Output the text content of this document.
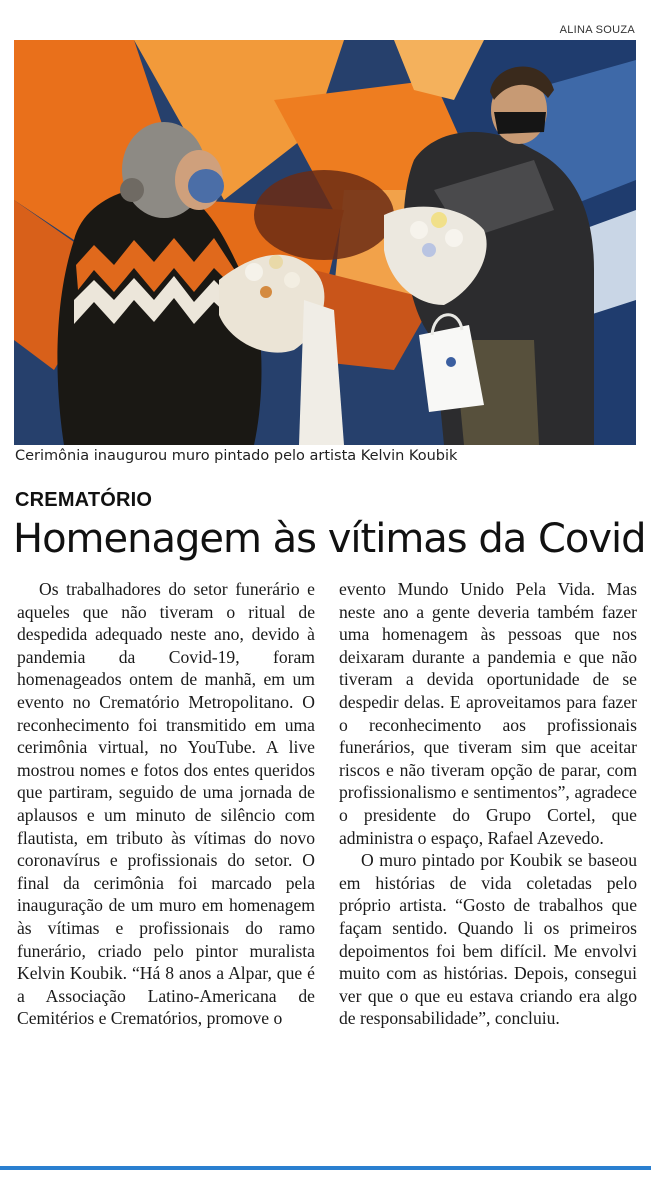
ALINA SOUZA
Cerimônia inaugurou muro pintado pelo artista Kelvin Koubik
CREMATÓRIO
Homenagem às vítimas da Covid

Os trabalhadores do setor funerário e aqueles que não tiveram o ritual de despedida adequado neste ano, devido à pandemia da Covid-19, foram homenageados ontem de manhã, em um evento no Crematório Metropolitano. O reconhecimento foi transmitido em uma cerimônia virtual, no YouTube. A live mostrou nomes e fotos dos entes queridos que partiram, seguido de uma jornada de aplausos e um minuto de silêncio com flautista, em tributo às vítimas do novo coronavírus e profissionais do setor. O final da cerimônia foi marcado pela inauguração de um muro em homenagem às vítimas e profissionais do ramo funerário, criado pelo pintor muralista Kelvin Koubik. “Há 8 anos a Alpar, que é a Associação Latino-Americana de Cemitérios e Crematórios, promove o

evento Mundo Unido Pela Vida. Mas neste ano a gente deveria também fazer uma homenagem às pessoas que nos deixaram durante a pandemia e que não tiveram a devida oportunidade de se despedir delas. E aproveitamos para fazer o reconhecimento aos profissionais funerários, que tiveram sim que aceitar riscos e não tiveram opção de parar, com profissionalismo e sentimentos”, agradece o presidente do Grupo Cortel, que administra o espaço, Rafael Azevedo.

O muro pintado por Koubik se baseou em histórias de vida coletadas pelo próprio artista. “Gosto de trabalhos que façam sentido. Quando li os primeiros depoimentos foi bem difícil. Me envolvi muito com as histórias. Depois, consegui ver que o que eu estava criando era algo de responsabilidade”, concluiu.
